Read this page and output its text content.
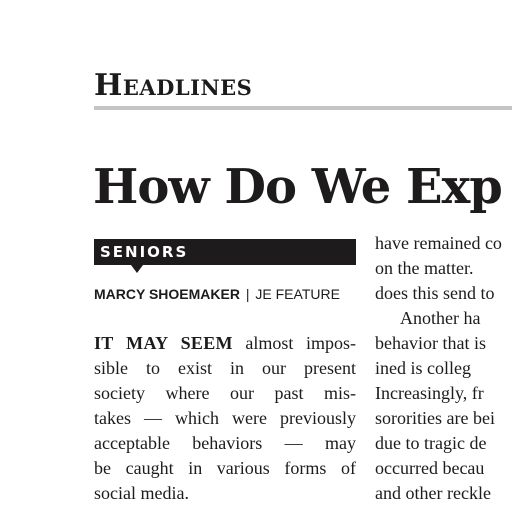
Headlines
How Do We Exp
SENIORS
MARCY SHOEMAKER | JE FEATURE
IT MAY SEEM almost impos-
sible to exist in our present
society where our past mis-
takes — which were previously
acceptable behaviors — may
be caught in various forms of
social media.
have remained co
on the matter.
does this send to
Another ha
behavior that is
ined is colleg
Increasingly, fr
sororities are bei
due to tragic de
occurred becau
and other reckle
